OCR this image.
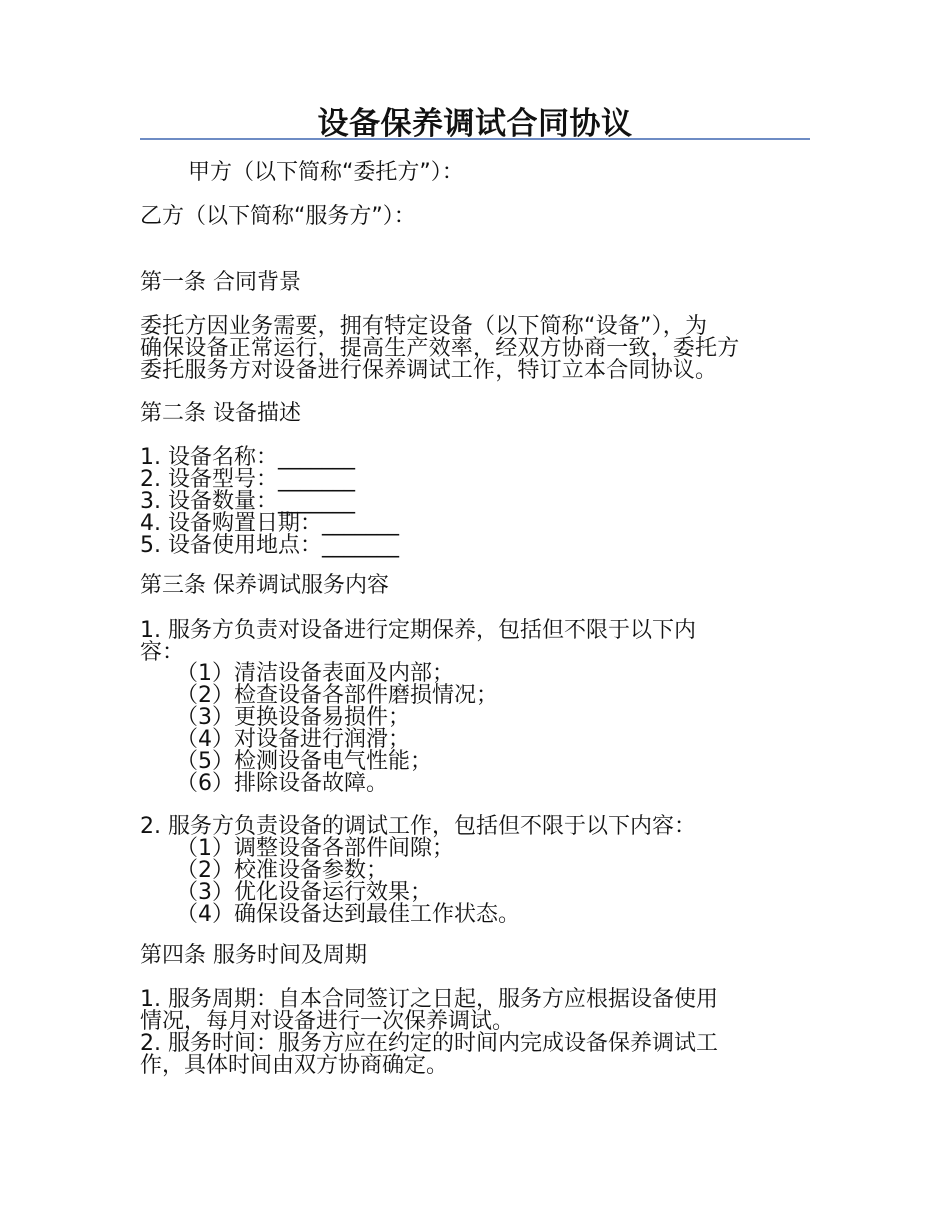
设备保养调试合同协议
甲方（以下简称“委托方”）：
乙方（以下简称“服务方”）：
第一条 合同背景
委托方因业务需要，拥有特定设备（以下简称“设备”），为
确保设备正常运行，提高生产效率，经双方协商一致，委托方
委托服务方对设备进行保养调试工作，特订立本合同协议。
第二条 设备描述
1. 设备名称：_______
2. 设备型号：_______
3. 设备数量：_______
4. 设备购置日期：_______
5. 设备使用地点：_______
第三条 保养调试服务内容
1. 服务方负责对设备进行定期保养，包括但不限于以下内
容：
（1）清洁设备表面及内部；
（2）检查设备各部件磨损情况；
（3）更换设备易损件；
（4）对设备进行润滑；
（5）检测设备电气性能；
（6）排除设备故障。
2. 服务方负责设备的调试工作，包括但不限于以下内容：
（1）调整设备各部件间隙；
（2）校准设备参数；
（3）优化设备运行效果；
（4）确保设备达到最佳工作状态。
第四条 服务时间及周期
1. 服务周期：自本合同签订之日起，服务方应根据设备使用
情况，每月对设备进行一次保养调试。
2. 服务时间：服务方应在约定的时间内完成设备保养调试工
作，具体时间由双方协商确定。
